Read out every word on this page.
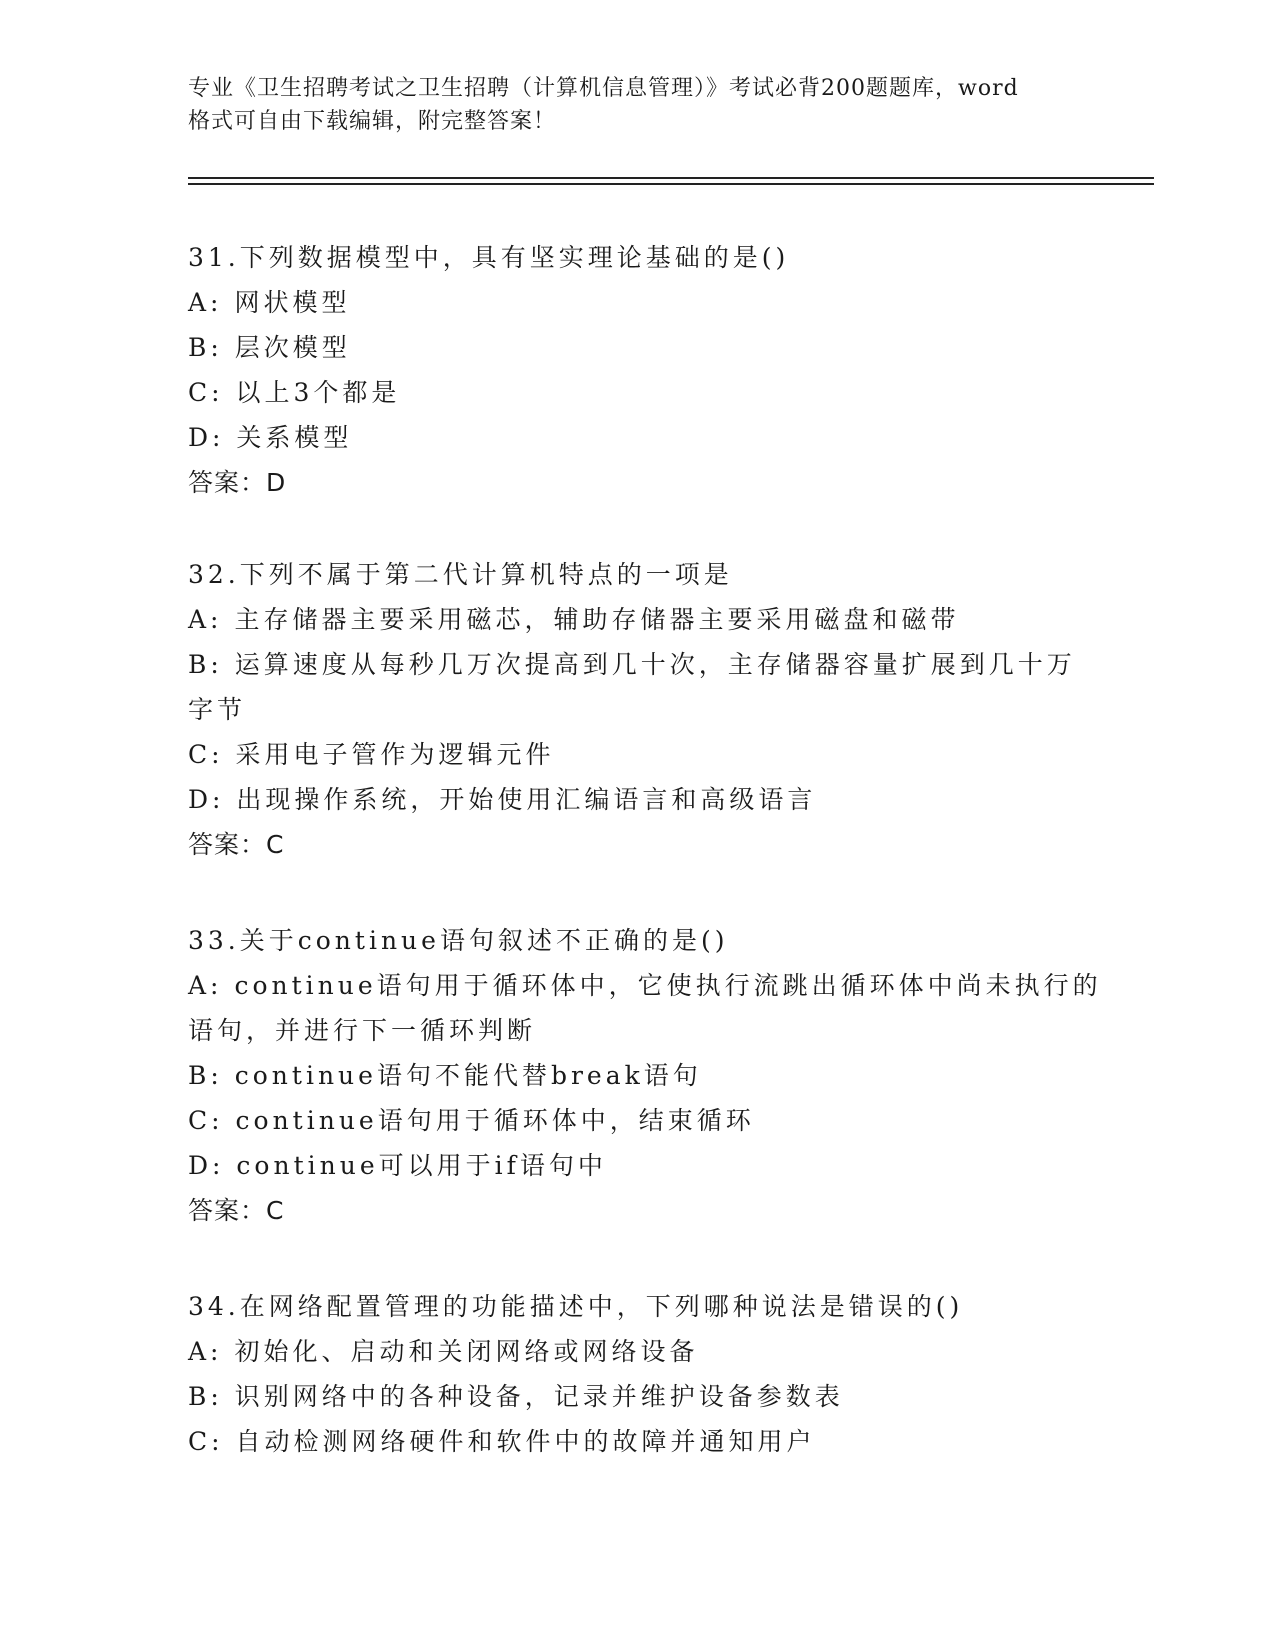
专业《卫生招聘考试之卫生招聘（计算机信息管理）》考试必背200题题库，word
格式可自由下载编辑，附完整答案！
31.下列数据模型中，具有坚实理论基础的是()
A: 网状模型
B: 层次模型
C: 以上3个都是
D: 关系模型
答案：D
32.下列不属于第二代计算机特点的一项是
A: 主存储器主要采用磁芯，辅助存储器主要采用磁盘和磁带
B: 运算速度从每秒几万次提高到几十次，主存储器容量扩展到几十万
字节
C: 采用电子管作为逻辑元件
D: 出现操作系统，开始使用汇编语言和高级语言
答案：C
33.关于continue语句叙述不正确的是()
A: continue语句用于循环体中，它使执行流跳出循环体中尚未执行的
语句，并进行下一循环判断
B: continue语句不能代替break语句
C: continue语句用于循环体中，结束循环
D: continue可以用于if语句中
答案：C
34.在网络配置管理的功能描述中，下列哪种说法是错误的()
A: 初始化、启动和关闭网络或网络设备
B: 识别网络中的各种设备，记录并维护设备参数表
C: 自动检测网络硬件和软件中的故障并通知用户
